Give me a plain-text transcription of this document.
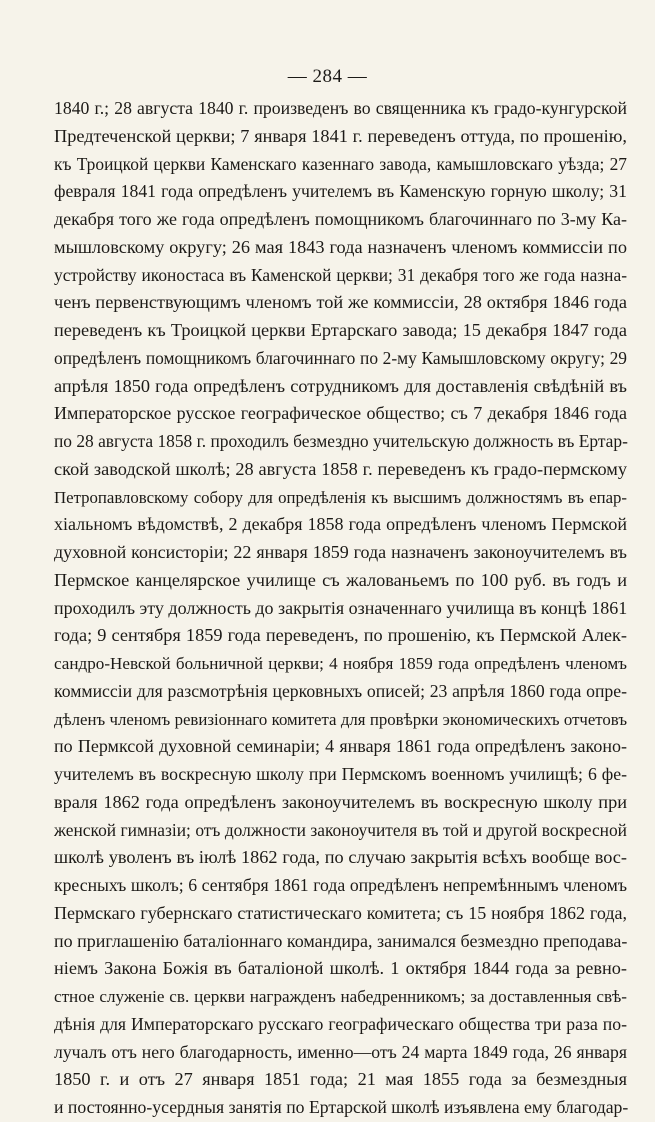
— 284 —
1840 г.; 28 августа 1840 г. произведенъ во священника къ градо-кунгурской
Предтеченской церкви; 7 января 1841 г. переведенъ оттуда, по прошенію,
къ Троицкой церкви Каменскаго казеннаго завода, камышловскаго уѣзда; 27
февраля 1841 года опредѣленъ учителемъ въ Каменскую горную школу; 31
декабря того же года опредѣленъ помощникомъ благочиннаго по 3-му Ка-
мышловскому округу; 26 мая 1843 года назначенъ членомъ коммиссіи по
устройству иконостаса въ Каменской церкви; 31 декабря того же года назна-
ченъ первенствующимъ членомъ той же коммиссіи, 28 октября 1846 года
переведенъ къ Троицкой церкви Ертарскаго завода; 15 декабря 1847 года
опредѣленъ помощникомъ благочиннаго по 2-му Камышловскому округу; 29
апрѣля 1850 года опредѣленъ сотрудникомъ для доставленія свѣдѣній въ
Императорское русское географическое общество; съ 7 декабря 1846 года
по 28 августа 1858 г. проходилъ безмездно учительскую должность въ Ертар-
ской заводской школѣ; 28 августа 1858 г. переведенъ къ градо-пермскому
Петропавловскому собору для опредѣленія къ высшимъ должностямъ въ епар-
хіальномъ вѣдомствѣ, 2 декабря 1858 года опредѣленъ членомъ Пермской
духовной консисторіи; 22 января 1859 года назначенъ законоучителемъ въ
Пермское канцелярское училище съ жалованьемъ по 100 руб. въ годъ и
проходилъ эту должность до закрытія означеннаго училища въ концѣ 1861
года; 9 сентября 1859 года переведенъ, по прошенію, къ Пермской Алек-
сандро-Невской больничной церкви; 4 ноября 1859 года опредѣленъ членомъ
коммиссіи для разсмотрѣнія церковныхъ описей; 23 апрѣля 1860 года опре-
дѣленъ членомъ ревизіоннаго комитета для провѣрки экономическихъ отчетовъ
по Пермксой духовной семинаріи; 4 января 1861 года опредѣленъ законо-
учителемъ въ воскресную школу при Пермскомъ военномъ училищѣ; 6 фе-
враля 1862 года опредѣленъ законоучителемъ въ воскресную школу при
женской гимназіи; отъ должности законоучителя въ той и другой воскресной
школѣ уволенъ въ іюлѣ 1862 года, по случаю закрытія всѣхъ вообще вос-
кресныхъ школъ; 6 сентября 1861 года опредѣленъ непремѣннымъ членомъ
Пермскаго губернскаго статистическаго комитета; съ 15 ноября 1862 года,
по приглашенію баталіоннаго командира, занимался безмездно преподава-
ніемъ Закона Божія въ баталіоной школѣ. 1 октября 1844 года за ревно-
стное служеніе св. церкви награжденъ набедренникомъ; за доставленныя свѣ-
дѣнія для Императорскаго русскаго географическаго общества три раза по-
лучалъ отъ него благодарность, именно—отъ 24 марта 1849 года, 26 января
1850 г. и отъ 27 января 1851 года; 21 мая 1855 года за безмездныя
и постоянно-усердныя занятія по Ертарской школѣ изъявлена ему благодар-
